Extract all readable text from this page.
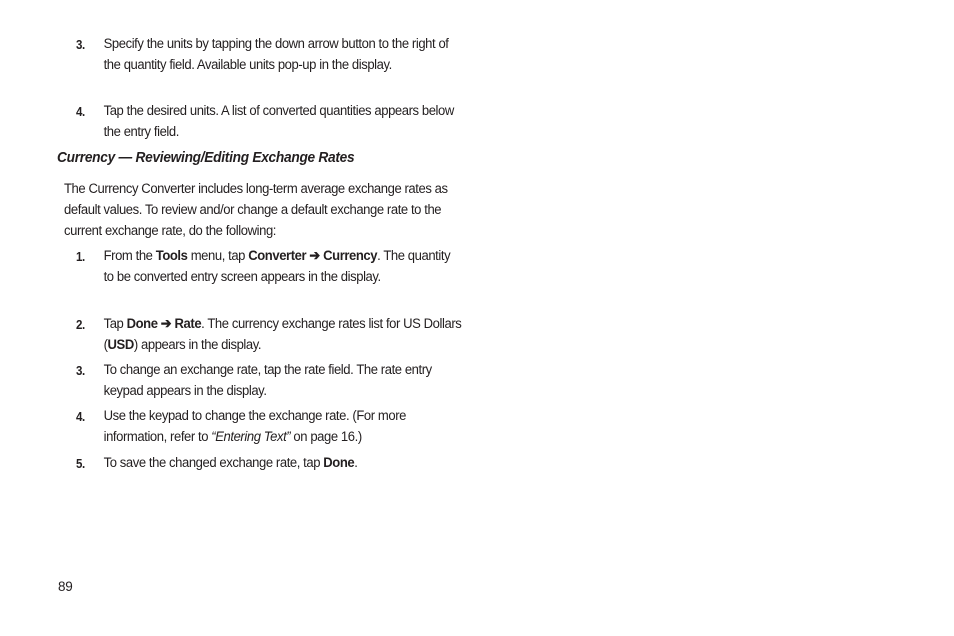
3. Specify the units by tapping the down arrow button to the right of the quantity field. Available units pop-up in the display.
4. Tap the desired units. A list of converted quantities appears below the entry field.
Currency — Reviewing/Editing Exchange Rates
The Currency Converter includes long-term average exchange rates as default values. To review and/or change a default exchange rate to the current exchange rate, do the following:
1. From the Tools menu, tap Converter ➔ Currency. The quantity to be converted entry screen appears in the display.
2. Tap Done ➔ Rate. The currency exchange rates list for US Dollars (USD) appears in the display.
3. To change an exchange rate, tap the rate field. The rate entry keypad appears in the display.
4. Use the keypad to change the exchange rate. (For more information, refer to “Entering Text” on page 16.)
5. To save the changed exchange rate, tap Done.
89
